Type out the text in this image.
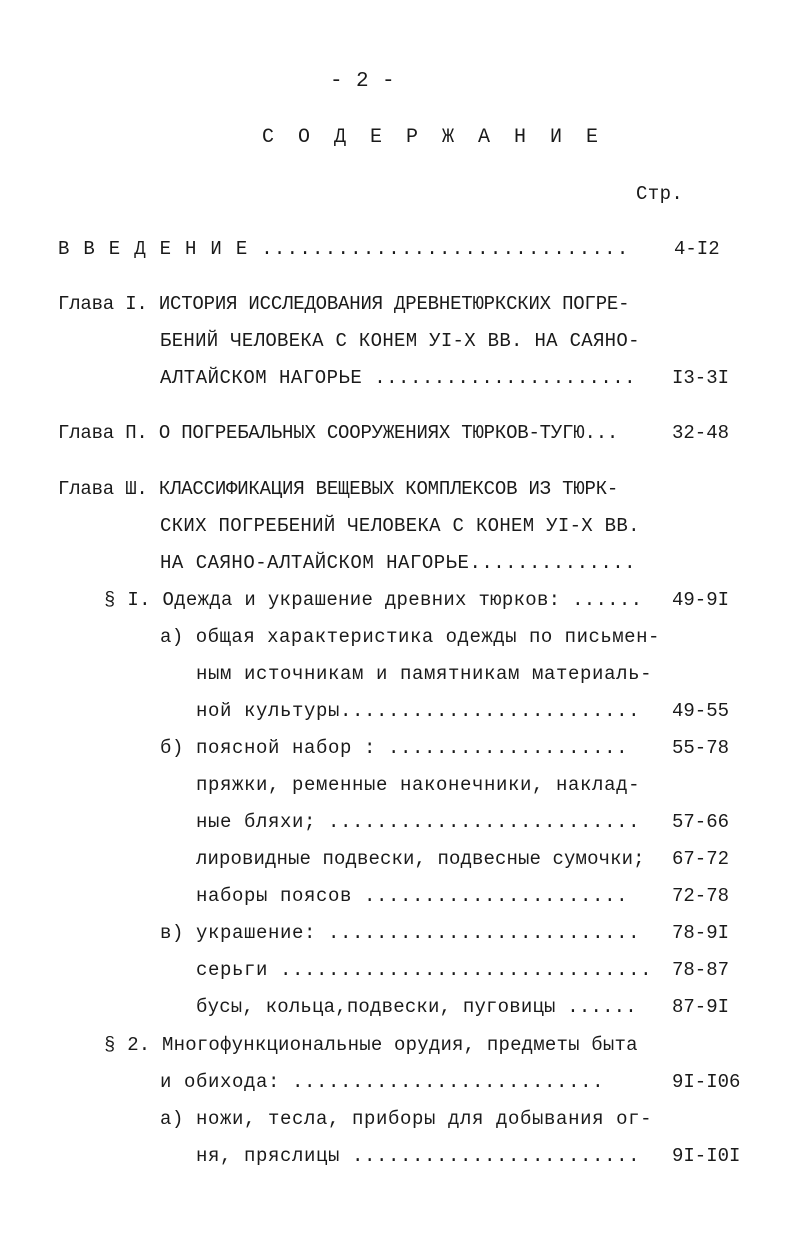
- 2 -
С О Д Е Р Ж А Н И Е
Стр.
В В Е Д Е Н И Е ............................. 4-I2
Глава I. ИСТОРИЯ ИССЛЕДОВАНИЯ ДРЕВНЕТЮРКСКИХ ПОГРЕ-
БЕНИЙ ЧЕЛОВЕКА С КОНЕМ УI-Х ВВ. НА САЯНО-
АЛТАЙСКОМ НАГОРЬЕ ...................... I3-3I
Глава П. О ПОГРЕБАЛЬНЫХ СООРУЖЕНИЯХ ТЮРКОВ-ТУГЮ...	32-48
Глава Ш. КЛАССИФИКАЦИЯ ВЕЩЕВЫХ КОМПЛЕКСОВ ИЗ ТЮРК-
СКИХ ПОГРЕБЕНИЙ ЧЕЛОВЕКА С КОНЕМ УI-Х ВВ.
НА САЯНО-АЛТАЙСКОМ НАГОРЬЕ..............
§ I. Одежда и украшение древних тюрков: ...... 49-9I
а) общая характеристика одежды по письмен-
ным источникам и памятникам материаль-
ной культуры......................... 49-55
б) поясной набор : .................... 55-78
пряжки, ременные наконечники, наклад-
ные бляхи; .......................... 57-66
лировидные подвески, подвесные сумочки; 67-72
наборы поясов ...................... 72-78
в) украшение: .......................... 78-9I
серьги ............................... 78-87
бусы, кольца,подвески, пуговицы ...... 87-9I
§ 2. Многофункциональные орудия, предметы быта
и обихода: ..........................	9I-I06
а) ножи, тесла, приборы для добывания ог-
ня, пряслицы ........................ 9I-I0I
